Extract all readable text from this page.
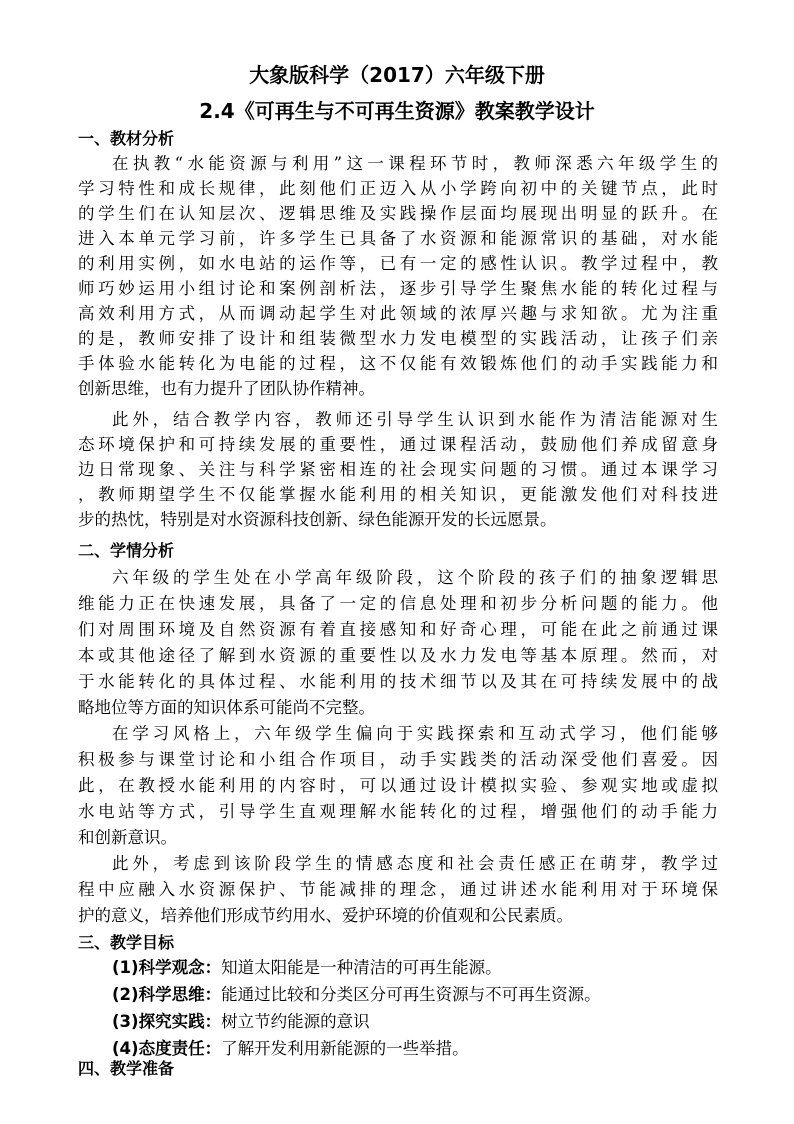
大象版科学（2017）六年级下册
2.4《可再生与不可再生资源》教案教学设计
一、教材分析
在执教“水能资源与利用”这一课程环节时，教师深悉六年级学生的
学习特性和成长规律，此刻他们正迈入从小学跨向初中的关键节点，此时
的学生们在认知层次、逻辑思维及实践操作层面均展现出明显的跃升。在
进入本单元学习前，许多学生已具备了水资源和能源常识的基础，对水能
的利用实例，如水电站的运作等，已有一定的感性认识。教学过程中，教
师巧妙运用小组讨论和案例剖析法，逐步引导学生聚焦水能的转化过程与
高效利用方式，从而调动起学生对此领域的浓厚兴趣与求知欲。尤为注重
的是，教师安排了设计和组装微型水力发电模型的实践活动，让孩子们亲
手体验水能转化为电能的过程，这不仅能有效锻炼他们的动手实践能力和
创新思维，也有力提升了团队协作精神。
此外，结合教学内容，教师还引导学生认识到水能作为清洁能源对生
态环境保护和可持续发展的重要性，通过课程活动，鼓励他们养成留意身
边日常现象、关注与科学紧密相连的社会现实问题的习惯。通过本课学习
，教师期望学生不仅能掌握水能利用的相关知识，更能激发他们对科技进
步的热忱，特别是对水资源科技创新、绿色能源开发的长远愿景。
二、学情分析
六年级的学生处在小学高年级阶段，这个阶段的孩子们的抽象逻辑思
维能力正在快速发展，具备了一定的信息处理和初步分析问题的能力。他
们对周围环境及自然资源有着直接感知和好奇心理，可能在此之前通过课
本或其他途径了解到水资源的重要性以及水力发电等基本原理。然而，对
于水能转化的具体过程、水能利用的技术细节以及其在可持续发展中的战
略地位等方面的知识体系可能尚不完整。
在学习风格上，六年级学生偏向于实践探索和互动式学习，他们能够
积极参与课堂讨论和小组合作项目，动手实践类的活动深受他们喜爱。因
此，在教授水能利用的内容时，可以通过设计模拟实验、参观实地或虚拟
水电站等方式，引导学生直观理解水能转化的过程，增强他们的动手能力
和创新意识。
此外，考虑到该阶段学生的情感态度和社会责任感正在萌芽，教学过
程中应融入水资源保护、节能减排的理念，通过讲述水能利用对于环境保
护的意义，培养他们形成节约用水、爱护环境的价值观和公民素质。
三、教学目标
(1)科学观念：知道太阳能是一种清洁的可再生能源。
(2)科学思维：能通过比较和分类区分可再生资源与不可再生资源。
(3)探究实践：树立节约能源的意识
(4)态度责任：了解开发利用新能源的一些举措。
四、教学准备
